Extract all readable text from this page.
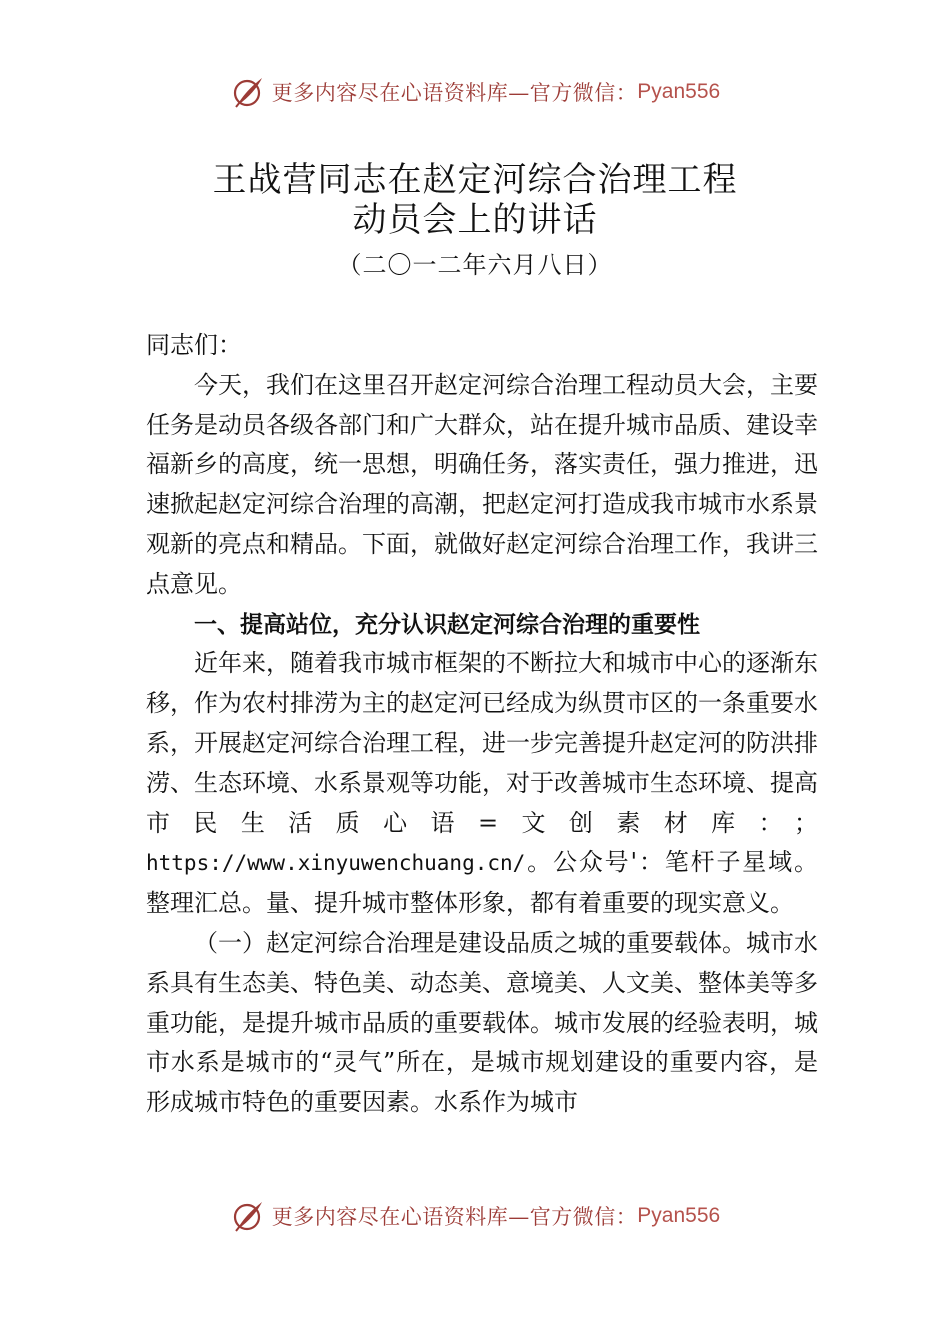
更多内容尽在心语资料库—官方微信： Pyan556
王战营同志在赵定河综合治理工程
动员会上的讲话
（二〇一二年六月八日）

同志们：

今天，我们在这里召开赵定河综合治理工程动员大会，主要任务是动员各级各部门和广大群众，站在提升城市品质、建设幸福新乡的高度，统一思想，明确任务，落实责任，强力推进，迅速掀起赵定河综合治理的高潮，把赵定河打造成我市城市水系景观新的亮点和精品。下面，就做好赵定河综合治理工作，我讲三点意见。

一、提高站位，充分认识赵定河综合治理的重要性

近年来，随着我市城市框架的不断拉大和城市中心的逐渐东移，作为农村排涝为主的赵定河已经成为纵贯市区的一条重要水系，开展赵定河综合治理工程，进一步完善提升赵定河的防洪排涝、生态环境、水系景观等功能，对于改善城市生态环境、提高市民生活质心语=文创素材库：；https://www.xinyuwenchuang.cn/。公众号'：笔杆子星域。整理汇总。量、提升城市整体形象，都有着重要的现实意义。

（一）赵定河综合治理是建设品质之城的重要载体。城市水系具有生态美、特色美、动态美、意境美、人文美、整体美等多重功能，是提升城市品质的重要载体。城市发展的经验表明，城市水系是城市的“灵气”所在，是城市规划建设的重要内容，是形成城市特色的重要因素。水系作为城市

更多内容尽在心语资料库—官方微信： Pyan556
